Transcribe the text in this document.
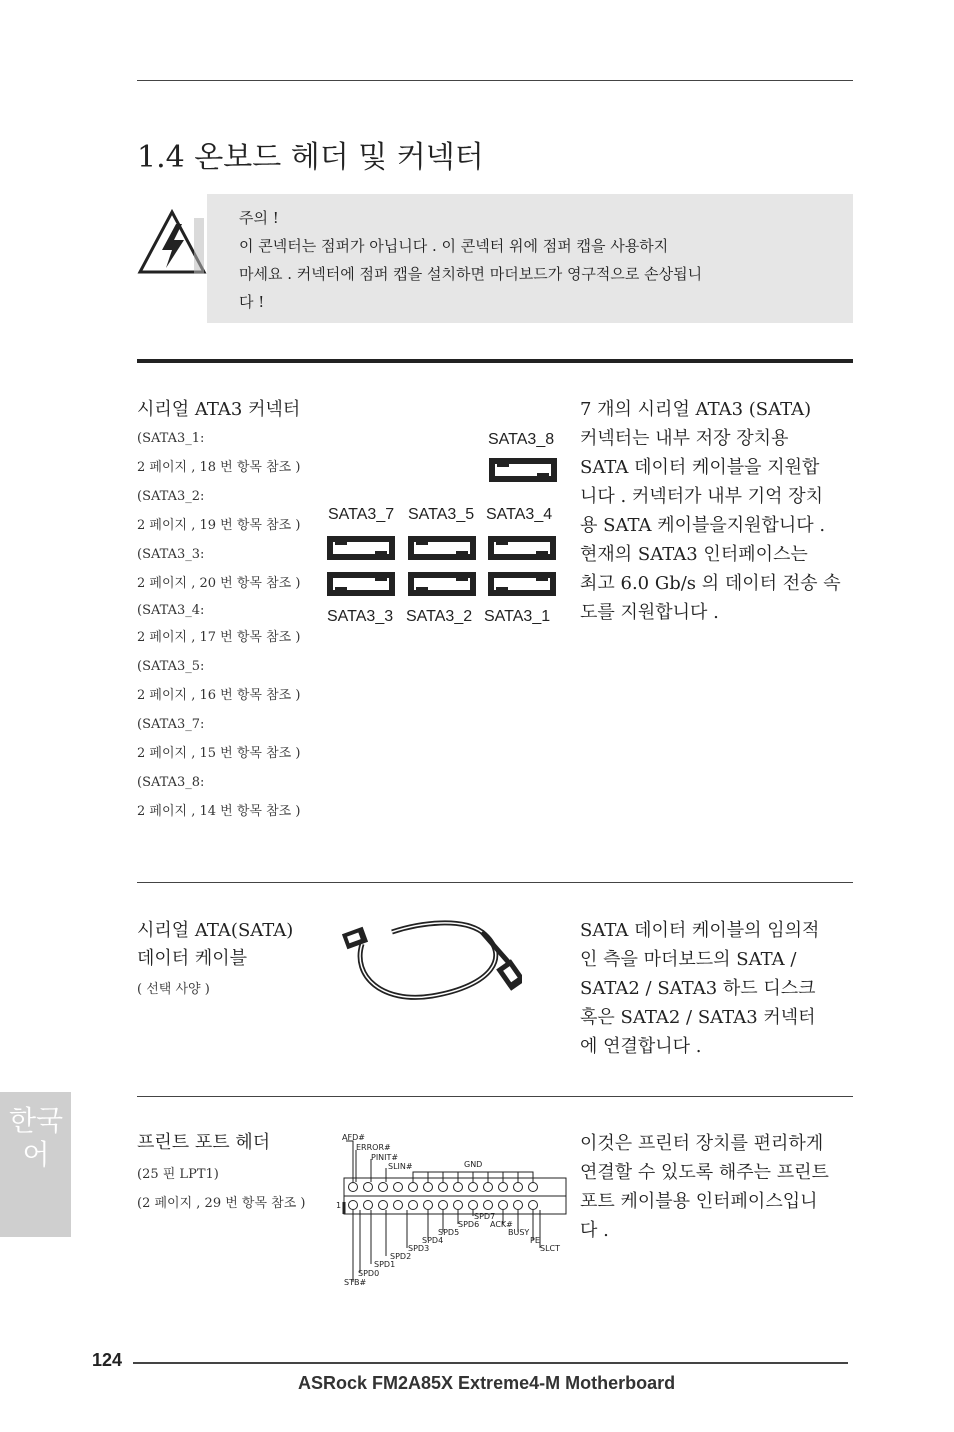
1.4 온보드 헤더 및 커넥터
주의 !
이 콘넥터는 점퍼가 아닙니다 . 이 콘넥터 위에 점퍼 캡을 사용하지
마세요 . 커넥터에 점퍼 캡을 설치하면 마더보드가 영구적으로 손상됩니
다 !
시리얼 ATA3 커넥터
(SATA3_1:
2 페이지 , 18 번 항목 참조 )
(SATA3_2:
2 페이지 , 19 번 항목 참조 )
(SATA3_3:
2 페이지 , 20 번 항목 참조 )
(SATA3_4:
2 페이지 , 17 번 항목 참조 )
(SATA3_5:
2 페이지 , 16 번 항목 참조 )
(SATA3_7:
2 페이지 , 15 번 항목 참조 )
(SATA3_8:
2 페이지 , 14 번 항목 참조 )
SATA3_8
SATA3_7 SATA3_5 SATA3_4
SATA3_3 SATA3_2 SATA3_1
7 개의 시리얼 ATA3 (SATA)
커넥터는 내부 저장 장치용
SATA 데이터 케이블을 지원합
니다 . 커넥터가 내부 기억 장치
용 SATA 케이블을지원합니다 .
현재의 SATA3 인터페이스는
최고 6.0 Gb/s 의 데이터 전송 속
도를 지원합니다 .
시리얼 ATA(SATA)
데이터 케이블
( 선택 사양 )
SATA 데이터 케이블의 임의적
인 측을 마더보드의 SATA /
SATA2 / SATA3 하드 디스크
혹은 SATA2 / SATA3 커넥터
에 연결합니다 .
프린트 포트 헤더
(25 핀 LPT1)
(2 페이지 , 29 번 항목 참조 )
AFD#
ERROR#
PINIT#
SLIN#	GND
1
SPD7
SPD6 ACK#
SPD5	BUSY
SPD4	PE
SPD3	SLCT
SPD2
SPD1
SPD0
STB#
이것은 프린터 장치를 편리하게
연결할 수 있도록 해주는 프린트
포트 케이블용 인터페이스입니
다 .
한국어
124
ASRock FM2A85X Extreme4-M Motherboard
